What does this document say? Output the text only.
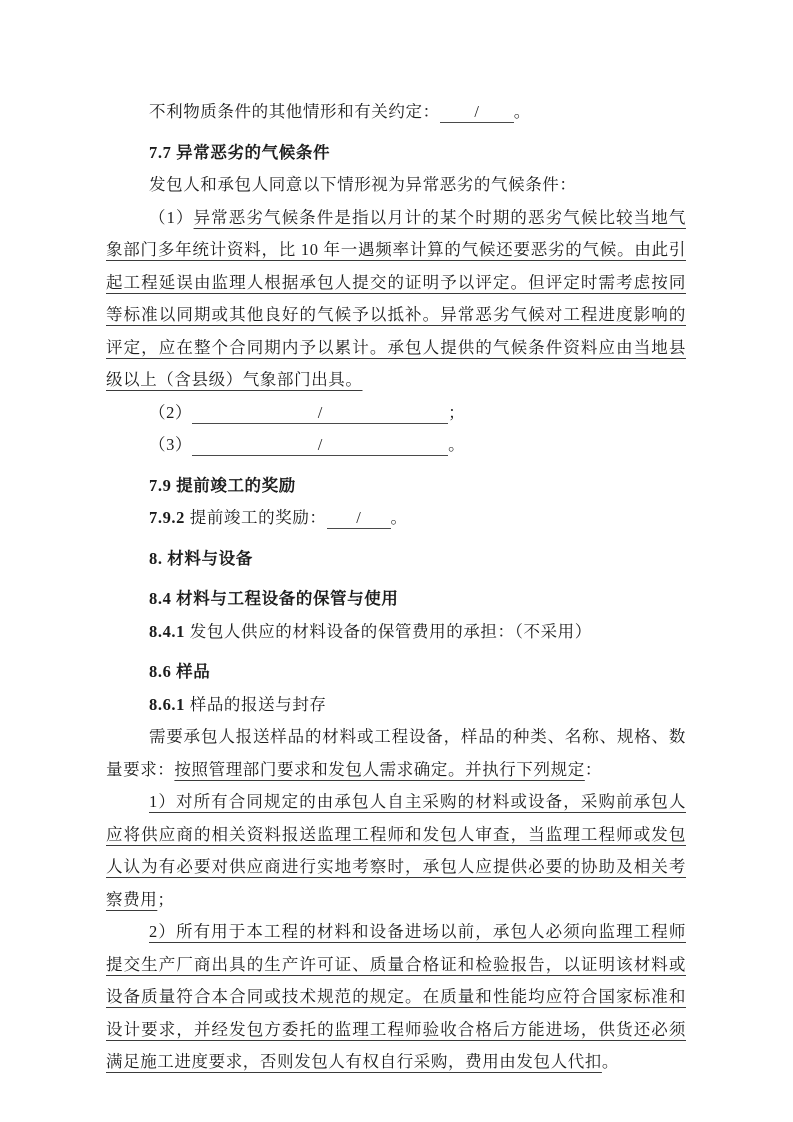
不利物质条件的其他情形和有关约定： / 。
7.7 异常恶劣的气候条件
发包人和承包人同意以下情形视为异常恶劣的气候条件：
（1）异常恶劣气候条件是指以月计的某个时期的恶劣气候比较当地气象部门多年统计资料，比 10 年一遇频率计算的气候还要恶劣的气候。由此引起工程延误由监理人根据承包人提交的证明予以评定。但评定时需考虑按同等标准以同期或其他良好的气候予以抵补。异常恶劣气候对工程进度影响的评定，应在整个合同期内予以累计。承包人提供的气候条件资料应由当地县级以上（含县级）气象部门出具。
（2）	/	；
（3）	/	。
7.9 提前竣工的奖励
7.9.2 提前竣工的奖励： / 。
8. 材料与设备
8.4 材料与工程设备的保管与使用
8.4.1 发包人供应的材料设备的保管费用的承担：（不采用）
8.6 样品
8.6.1 样品的报送与封存
需要承包人报送样品的材料或工程设备，样品的种类、名称、规格、数量要求：按照管理部门要求和发包人需求确定。并执行下列规定：
1）对所有合同规定的由承包人自主采购的材料或设备，采购前承包人应将供应商的相关资料报送监理工程师和发包人审查，当监理工程师或发包人认为有必要对供应商进行实地考察时，承包人应提供必要的协助及相关考察费用；
2）所有用于本工程的材料和设备进场以前，承包人必须向监理工程师提交生产厂商出具的生产许可证、质量合格证和检验报告，以证明该材料或设备质量符合本合同或技术规范的规定。在质量和性能均应符合国家标准和设计要求，并经发包方委托的监理工程师验收合格后方能进场，供货还必须满足施工进度要求，否则发包人有权自行采购，费用由发包人代扣。
